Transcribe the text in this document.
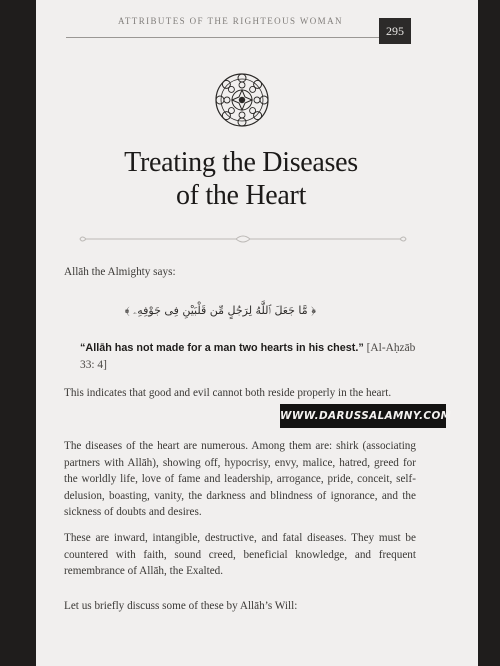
ATTRIBUTES OF THE RIGHTEOUS WOMAN
295
Treating the Diseases
of the Heart

Allāh the Almighty says:

﴿ مَّا جَعَلَ ٱللَّهُ لِرَجُلٍ مِّن قَلْبَيْنِ فِى جَوْفِهِۦ ﴾

“Allāh has not made for a man two hearts in his chest.” [Al-Aḥzāb 33: 4]

This indicates that good and evil cannot both reside properly in the heart.

The diseases of the heart are numerous. Among them are: shirk (associating partners with Allāh), showing off, hypocrisy, envy, malice, hatred, greed for the worldly life, love of fame and leadership, arrogance, pride, conceit, self-delusion, boasting, vanity, the darkness and blindness of ignorance, and the sickness of doubts and desires.

These are inward, intangible, destructive, and fatal diseases. They must be countered with faith, sound creed, beneficial knowledge, and frequent remembrance of Allāh, the Exalted.

Let us briefly discuss some of these by Allāh’s Will:

WWW.DARUSSALAMNY.COM
